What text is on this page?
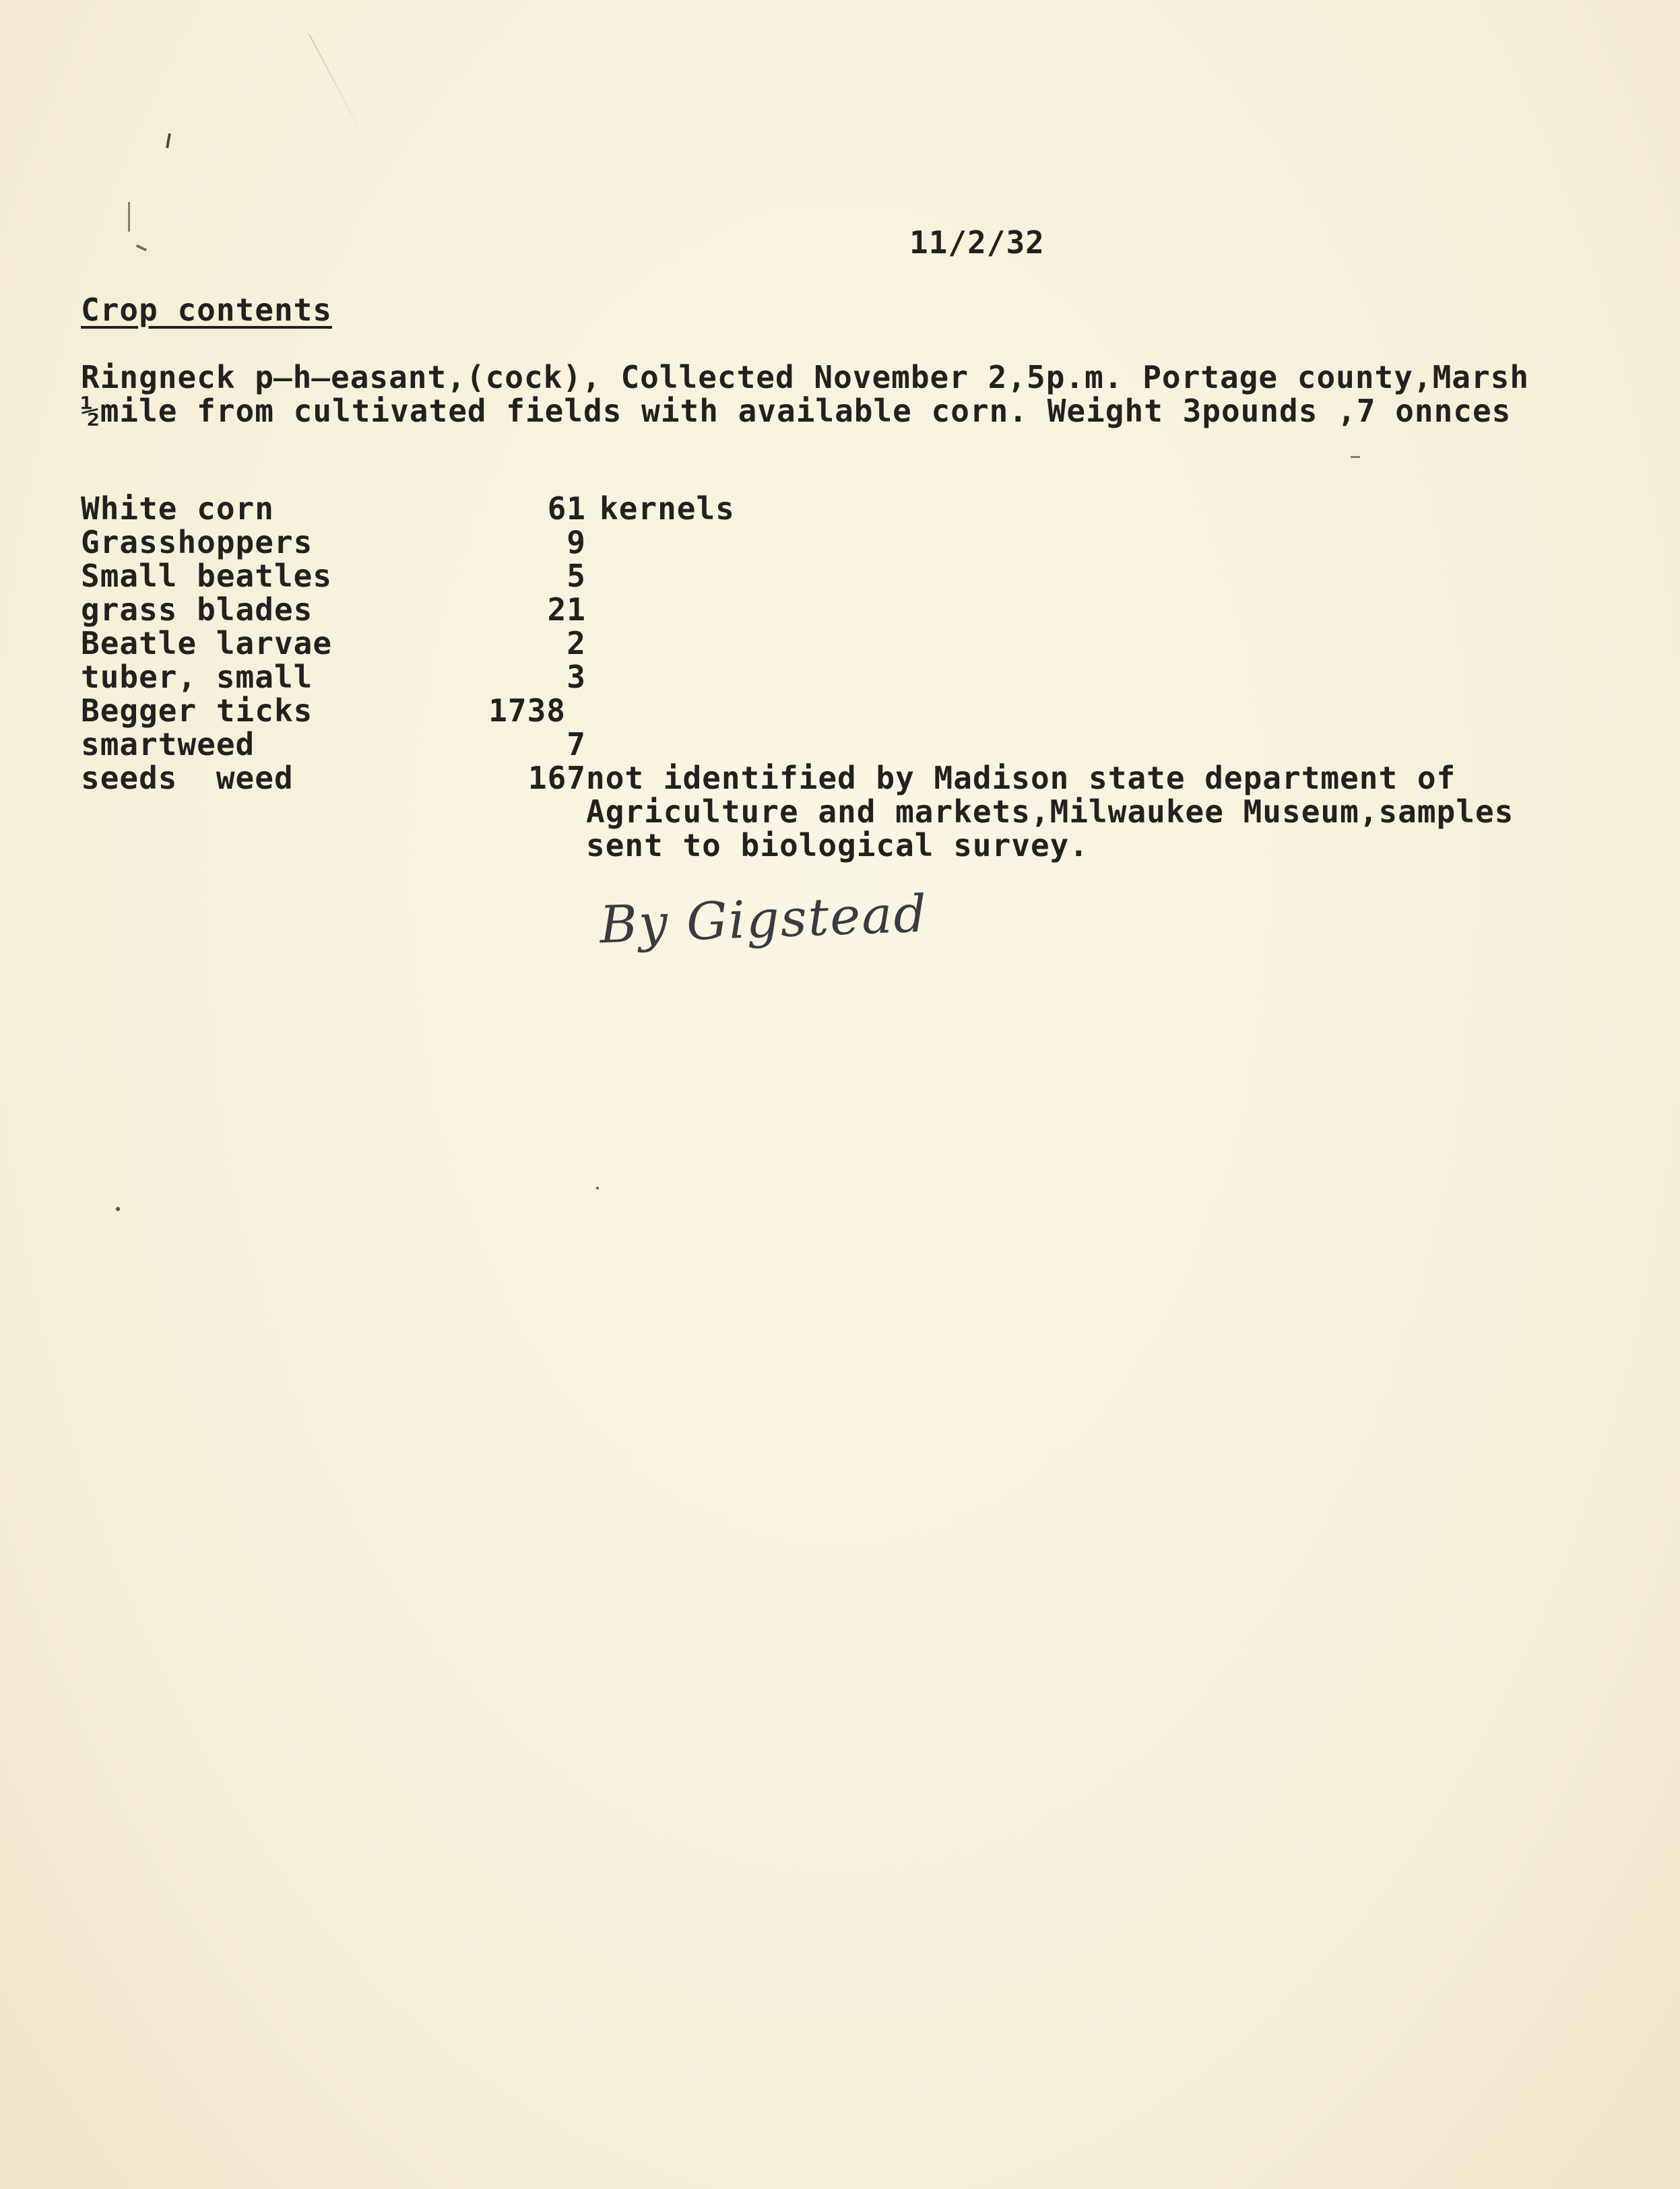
11/2/32
Crop contents
Ringneck p̶h̶easant,(cock), Collected November 2,5p.m. Portage county,Marsh
½mile from cultivated fields with available corn. Weight 3pounds ,7 onnces
White corn	61 kernels
Grasshoppers	9
Small beatles	5
grass blades	21
Beatle larvae	2
tuber, small	3
Begger ticks	1738
smartweed	7
seeds  weed	167 not identified by Madison state department of
Agriculture and markets,Milwaukee Museum,samples
sent to biological survey.
By Gigstead
